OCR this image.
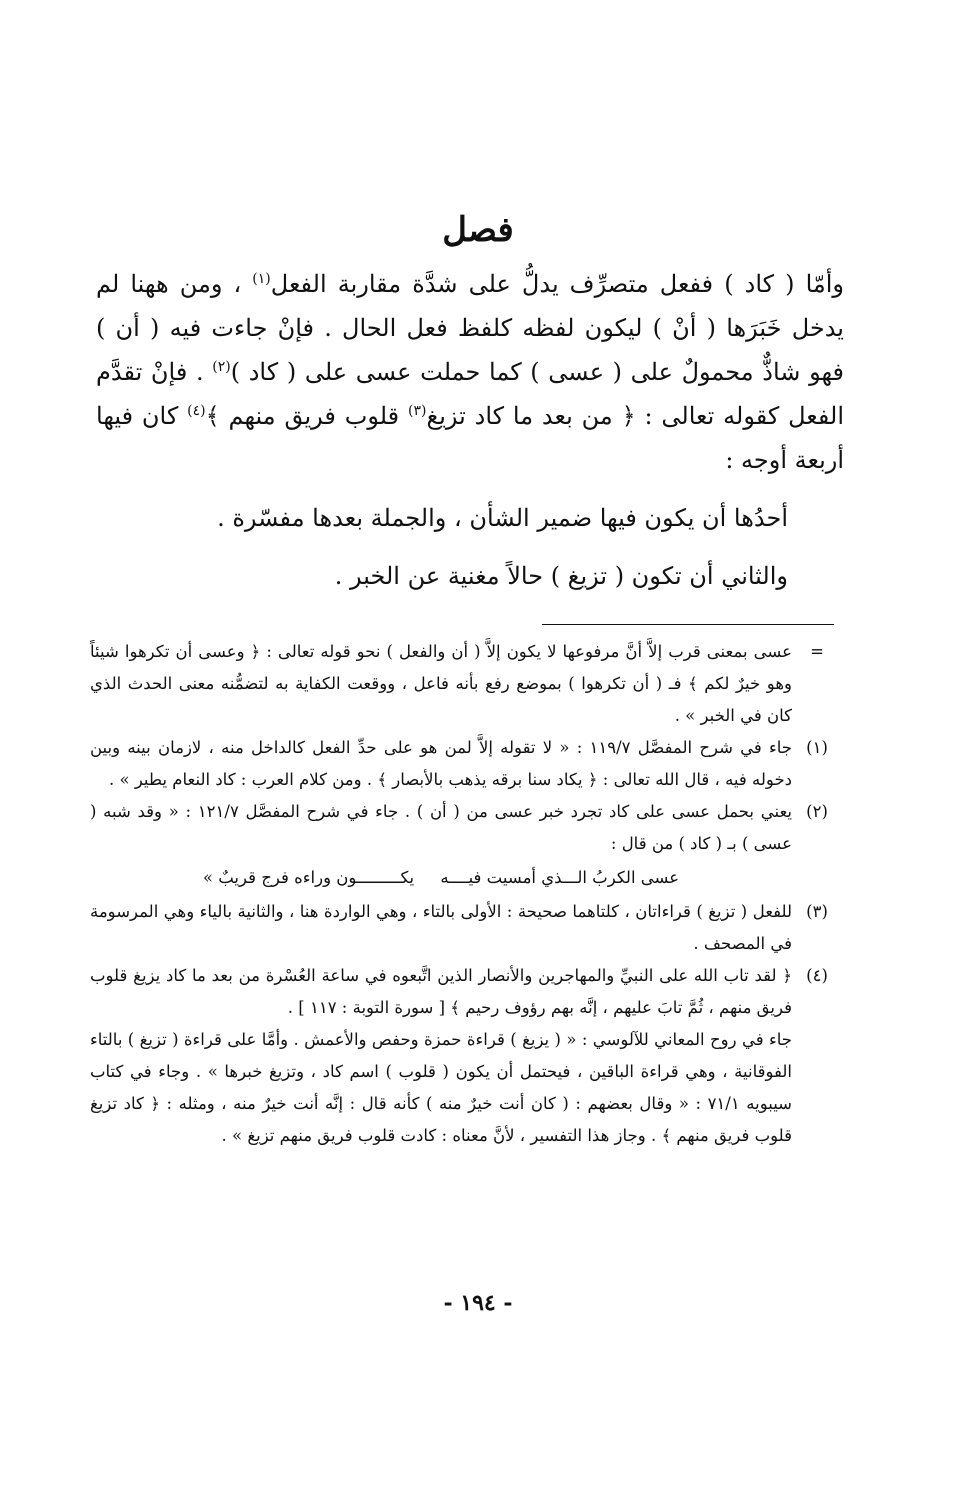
فصل

وأمّا ( كاد ) ففعل متصرِّف يدلُّ على شدَّة مقاربة الفعل$^{(١)}$ ، ومن ههنا لم يدخل خَبَرَها ( أنْ ) ليكون لفظه كلفظ فعل الحال . فإنْ جاءت فيه ( أن ) فهو شاذٌّ محمولٌ على ( عسى ) كما حملت عسى على ( كاد )$^{(٢)}$ . فإنْ تقدَّم الفعل كقوله تعالى : ﴿ من بعد ما كاد تزيغ$^{(٣)}$ قلوب فريق منهم ﴾$^{(٤)}$ كان فيها أربعة أوجه :

أحدُها أن يكون فيها ضمير الشأن ، والجملة بعدها مفسّرة .

والثاني أن تكون ( تزيغ ) حالاً مغنية عن الخبر .

=
عسى بمعنى قرب إلاَّ أنَّ مرفوعها لا يكون إلاَّ ( أن والفعل ) نحو قوله تعالى : ﴿ وعسى أن تكرهوا شيئاً وهو خيرٌ لكم ﴾ فـ ( أن تكرهوا ) بموضع رفع بأنه فاعل ، ووقعت الكفاية به لتضمُّنه معنى الحدث الذي كان في الخبر » .
(١)
جاء في شرح المفصَّل ١١٩/٧ : « لا تقوله إلاَّ لمن هو على حدِّ الفعل كالداخل منه ، لازمان بينه وبين دخوله فيه ، قال الله تعالى : ﴿ يكاد سنا برقه يذهب بالأبصار ﴾ . ومن كلام العرب : كاد النعام يطير » .
(٢)
يعني بحمل عسى على كاد تجرد خبر عسى من ( أن ) . جاء في شرح المفصَّل ١٢١/٧ : « وقد شبه ( عسى ) بـ ( كاد ) من قال :
عسى الكربُ الـــذي أمسيت فيــــه     يكـــــــــون وراءه فرج قريبٌ »
(٣)
للفعل ( تزيغ ) قراءاتان ، كلتاهما صحيحة : الأولى بالتاء ، وهي الواردة هنا ، والثانية بالياء وهي المرسومة في المصحف .
(٤)
﴿ لقد تاب الله على النبيِّ والمهاجرين والأنصار الذين اتَّبعوه في ساعة العُسْرة من بعد ما كاد يزيغ قلوب فريق منهم ، ثُمَّ تابَ عليهم ، إنَّه بهم رؤوف رحيم ﴾ [ سورة التوبة : ١١٧ ] .
جاء في روح المعاني للآلوسي : « ( يزيغ ) قراءة حمزة وحفص والأعمش . وأمَّا على قراءة ( تزيغ ) بالتاء الفوقانية ، وهي قراءة الباقين ، فيحتمل أن يكون ( قلوب ) اسم كاد ، وتزيغ خبرها » . وجاء في كتاب سيبويه ٧١/١ : « وقال بعضهم : ( كان أنت خيرٌ منه ) كأنه قال : إنَّه أنت خيرٌ منه ، ومثله : ﴿ كاد تزيغ قلوب فريق منهم ﴾ . وجاز هذا التفسير ، لأنَّ معناه : كادت قلوب فريق منهم تزيغ » .
- ١٩٤ -
